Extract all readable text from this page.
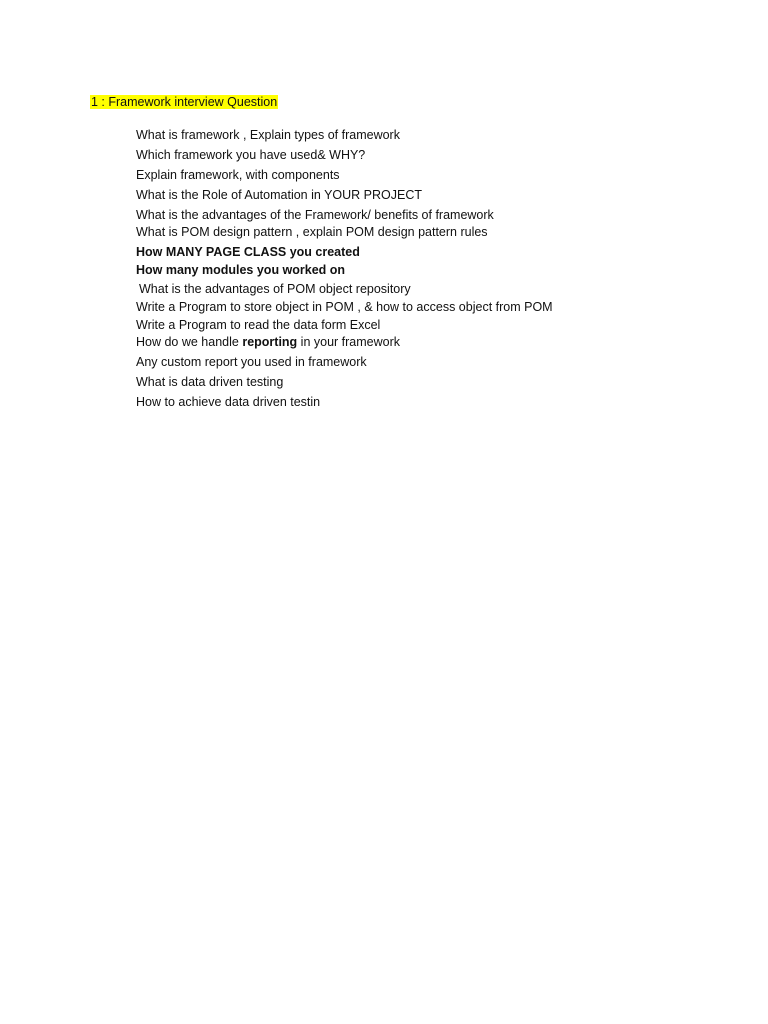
1 : Framework interview Question
What is framework , Explain types of framework
Which framework you have used& WHY?
Explain framework, with components
What is the Role of Automation in YOUR PROJECT
What is the advantages of the Framework/ benefits of framework
What is POM design pattern , explain POM design pattern rules
How MANY PAGE CLASS you created
How many modules you worked on
What is the advantages of POM object repository
Write a Program to store object in POM , & how to access object from POM
Write a Program to read the data form Excel
How do we handle reporting in your framework
Any custom report you used in framework
What is data driven testing
How to achieve data driven testin
